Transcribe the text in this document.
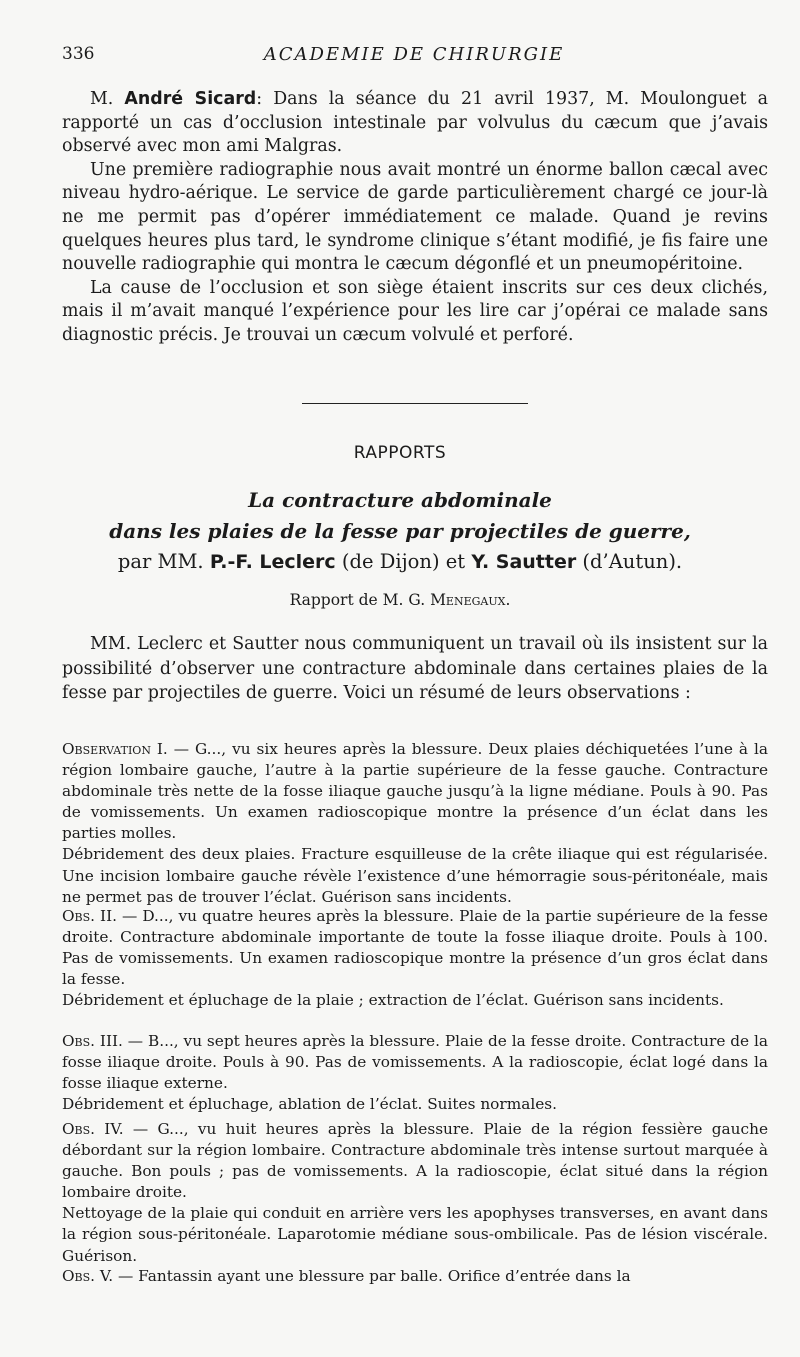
336	ACADEMIE DE CHIRURGIE

M. André Sicard: Dans la séance du 21 avril 1937, M. Moulonguet a rapporté un cas d’occlusion intestinale par volvulus du cæcum que j’avais observé avec mon ami Malgras.

Une première radiographie nous avait montré un énorme ballon cæcal avec niveau hydro-aérique. Le service de garde particulièrement chargé ce jour-là ne me permit pas d’opérer immédiatement ce malade. Quand je revins quelques heures plus tard, le syndrome clinique s’étant modifié, je fis faire une nouvelle radiographie qui montra le cæcum dégonflé et un pneumopéritoine.

La cause de l’occlusion et son siège étaient inscrits sur ces deux clichés, mais il m’avait manqué l’expérience pour les lire car j’opérai ce malade sans diagnostic précis. Je trouvai un cæcum volvulé et perforé.

RAPPORTS
La contracture abdominale
dans les plaies de la fesse par projectiles de guerre,
par MM. P.-F. Leclerc (de Dijon) et Y. Sautter (d’Autun).
Rapport de M. G. Menegaux.

MM. Leclerc et Sautter nous communiquent un travail où ils insistent sur la possibilité d’observer une contracture abdominale dans certaines plaies de la fesse par projectiles de guerre. Voici un résumé de leurs observations :

Observation I. — G..., vu six heures après la blessure. Deux plaies déchiquetées l’une à la région lombaire gauche, l’autre à la partie supérieure de la fesse gauche. Contracture abdominale très nette de la fosse iliaque gauche jusqu’à la ligne médiane. Pouls à 90. Pas de vomissements. Un examen radioscopique montre la présence d’un éclat dans les parties molles.

Débridement des deux plaies. Fracture esquilleuse de la crête iliaque qui est régularisée. Une incision lombaire gauche révèle l’existence d’une hémorragie sous-péritonéale, mais ne permet pas de trouver l’éclat. Guérison sans incidents.

Obs. II. — D..., vu quatre heures après la blessure. Plaie de la partie supérieure de la fesse droite. Contracture abdominale importante de toute la fosse iliaque droite. Pouls à 100. Pas de vomissements. Un examen radioscopique montre la présence d’un gros éclat dans la fesse.

Débridement et épluchage de la plaie ; extraction de l’éclat. Guérison sans incidents.

Obs. III. — B..., vu sept heures après la blessure. Plaie de la fesse droite. Contracture de la fosse iliaque droite. Pouls à 90. Pas de vomissements. A la radioscopie, éclat logé dans la fosse iliaque externe.

Débridement et épluchage, ablation de l’éclat. Suites normales.

Obs. IV. — G..., vu huit heures après la blessure. Plaie de la région fessière gauche débordant sur la région lombaire. Contracture abdominale très intense surtout marquée à gauche. Bon pouls ; pas de vomissements. A la radioscopie, éclat situé dans la région lombaire droite.

Nettoyage de la plaie qui conduit en arrière vers les apophyses transverses, en avant dans la région sous-péritonéale. Laparotomie médiane sous-ombilicale. Pas de lésion viscérale. Guérison.

Obs. V. — Fantassin ayant une blessure par balle. Orifice d’entrée dans la
